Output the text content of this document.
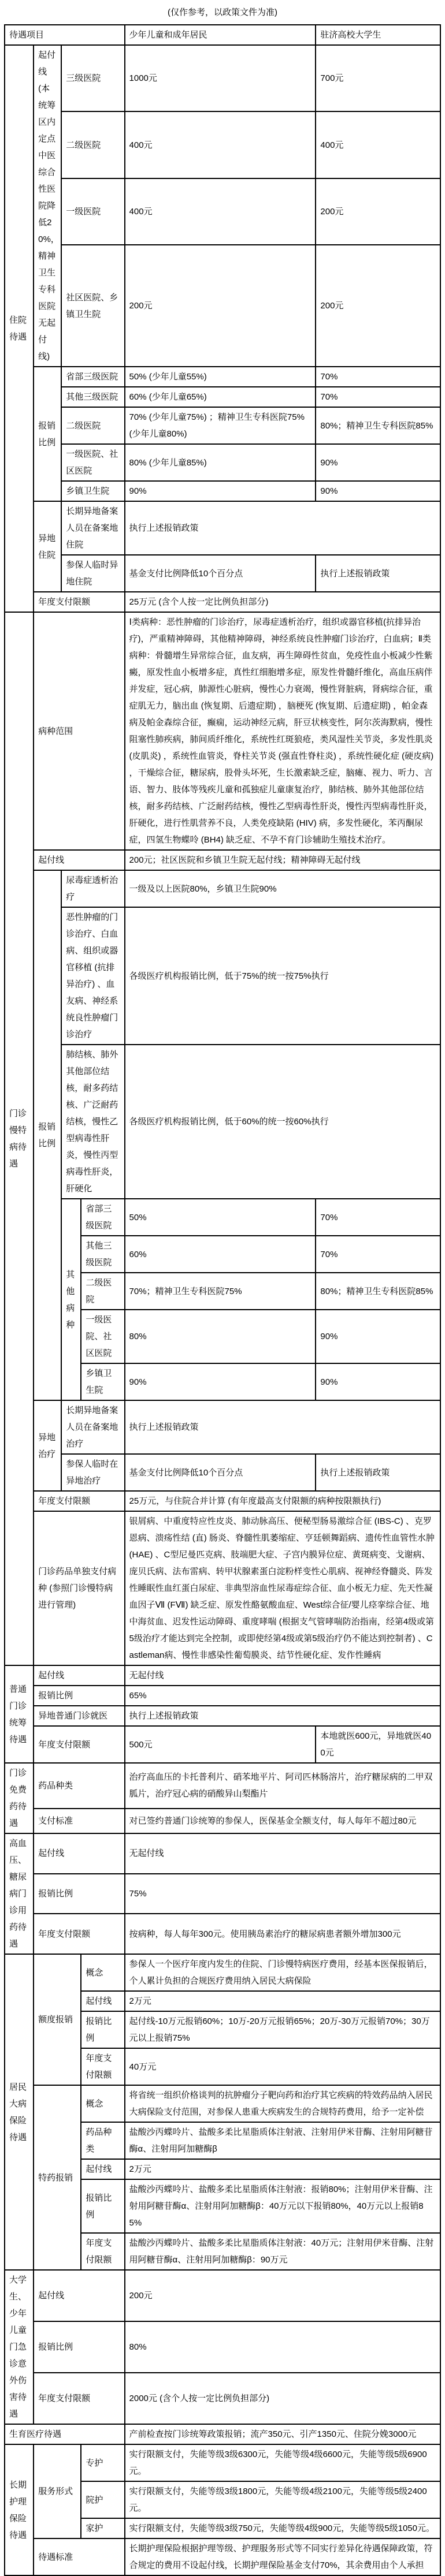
(仅作参考，以政策文件为准)
待遇项目				少年儿童和成年居民	驻济高校大学生
住院待遇	起付线 (本统筹区内定点中医综合性医院降低20%，精神卫生专科医院无起付线)	三级医院		1000元	700元
		二级医院		400元	400元
		一级医院		400元	200元
		社区医院、乡镇卫生院		200元	200元
	报销比例	省部三级医院		50% (少年儿童55%)	70%
		其他三级医院		60% (少年儿童65%)	70%
		二级医院		70% (少年儿童75%) ；精神卫生专科医院75% (少年儿童80%)	80%；精神卫生专科医院85%
		一级医院、社区医院		80% (少年儿童85%)	90%
		乡镇卫生院		90%	90%
	异地住院	长期异地备案人员在备案地住院		执行上述报销政策	
		参保人临时异地住院		基金支付比例降低10个百分点	执行上述报销政策
	年度支付限额			25万元 (含个人按一定比例负担部分)	
门诊慢特病待遇	病种范围			Ⅰ类病种：恶性肿瘤的门诊治疗，尿毒症透析治疗，组织或器官移植(抗排异治疗)，严重精神障碍，其他精神障碍，神经系统良性肿瘤门诊治疗，白血病；Ⅱ类病种：骨髓增生异常综合征，血友病，再生障碍性贫血，免疫性血小板减少性紫癜，原发性血小板增多症，真性红细胞增多症，原发性骨髓纤维化，高血压病伴并发症，冠心病，肺源性心脏病，慢性心力衰竭，慢性肾脏病，肾病综合征，重症肌无力，脑出血 (恢复期、后遗症期) ，脑梗死 (恢复期、后遗症期) ，帕金森病及帕金森综合征，癫痫，运动神经元病，肝豆状核变性，阿尔茨海默病，慢性阻塞性肺疾病，肺间质纤维化，系统性红斑狼疮，类风湿性关节炎，多发性肌炎 (皮肌炎) ，系统性血管炎，脊柱关节炎 (强直性脊柱炎) ，系统性硬化症 (硬皮病) ，干燥综合征，糖尿病，股骨头坏死，生长激素缺乏症，脑瘫、视力、听力、言语、智力、肢体等残疾儿童和孤独症儿童康复治疗，肺结核、肺外其他部位结核，耐多药结核、广泛耐药结核，慢性乙型病毒性肝炎，慢性丙型病毒性肝炎，肝硬化，进行性肌营养不良，人类免疫缺陷 (HIV) 病，多发性硬化，苯丙酮尿症，四氢生物蝶呤 (BH4) 缺乏症、不孕不育门诊辅助生殖技术治疗。	
	起付线			200元；社区医院和乡镇卫生院无起付线；精神障碍无起付线	
	报销比例	尿毒症透析治疗		一级及以上医院80%，乡镇卫生院90%	
		恶性肿瘤的门诊治疗、白血病、组织或器官移植 (抗排异治疗) 、血友病、神经系统良性肿瘤门诊治疗		各级医疗机构报销比例，低于75%的统一按75%执行	
		肺结核、肺外其他部位结核，耐多药结核、广泛耐药结核，慢性乙型病毒性肝炎，慢性丙型病毒性肝炎，肝硬化		各级医疗机构报销比例，低于60%的统一按60%执行	
		其他病种	省部三级医院	50%	70%
			其他三级医院	60%	70%
			二级医院	70%；精神卫生专科医院75%	80%；精神卫生专科医院85%
			一级医院、社区医院	80%	90%
			乡镇卫生院	90%	90%
	异地治疗	长期异地备案人员在备案地治疗		执行上述报销政策	
		参保人临时在异地治疗		基金支付比例降低10个百分点	执行上述报销政策
	年度支付限额			25万元，与住院合并计算 (有年度最高支付限额的病种按限额执行)	
	门诊药品单独支付病种 (参照门诊慢特病进行管理)			银屑病、中重度特应性皮炎、肺动脉高压、便秘型肠易激综合征 (IBS-C) 、克罗恩病、溃疡性结 (直) 肠炎、脊髓性肌萎缩症、亨廷顿舞蹈病、遗传性血管性水肿 (HAE) 、C型尼曼匹克病、肢端肥大症、子宫内膜异位症、黄斑病变、戈谢病、庞贝氏病、法布雷病、转甲状腺素蛋白淀粉样变性心肌病、视神经脊髓炎、阵发性睡眠性血红蛋白尿症、非典型溶血性尿毒症综合征、血小板无力症、先天性凝血因子Ⅶ (FⅦ) 缺乏症、原发性酪氨酸血症、West综合征/婴儿痉挛综合征、地中海贫血、迟发性运动障碍、重度哮喘 (根据支气管哮喘防治指南，经第4级或第5级治疗才能达到完全控制，或即使经第4级或第5级治疗仍不能达到控制者) 、Castleman病、慢性非感染性葡萄膜炎、结节性硬化症、发作性睡病	
普通门诊统筹待遇	起付线			无起付线	
	报销比例			65%	
	异地普通门诊就医			执行上述报销政策	
	年度支付限额			500元	本地就医600元，异地就医400元
门诊免费药待遇	药品种类			治疗高血压的卡托普利片、硝苯地平片、阿司匹林肠溶片，治疗糖尿病的二甲双胍片，治疗冠心病的硝酸异山梨酯片	
	支付标准			对已签约普通门诊统筹的参保人，医保基金全额支付，每人每年不超过80元	
高血压、糖尿病门诊用药待遇	起付线			无起付线	
	报销比例			75%	
	年度支付限额			按病种，每人每年300元。使用胰岛素治疗的糖尿病患者额外增加300元	
居民大病保险待遇	额度报销		概念	参保人一个医疗年度内发生的住院、门诊慢特病医疗费用，经基本医保报销后，个人累计负担的合规医疗费用纳入居民大病保险	
			起付线	2万元	
			报销比例	起付线-10万元报销60%；10万-20万元报销65%；20万-30万元报销70%；30万元以上报销75%	
			年度支付限额	40万元	
	特药报销		概念	将省统一组织价格谈判的抗肿瘤分子靶向药和治疗其它疾病的特效药品纳入居民大病保险支付范围，对参保人患重大疾病发生的合规特药费用，给予一定补偿	
			药品种类	盐酸沙丙蝶呤片、盐酸多柔比星脂质体注射液、注射用伊米苷酶、注射用阿糖苷酶α、注射用阿加糖酶β	
			起付线	2万元	
			报销比例	盐酸沙丙蝶呤片、盐酸多柔比星脂质体注射液：报销80%；注射用伊米苷酶、注射用阿糖苷酶α、注射用阿加糖酶β：40万元以下报销80%，40万元以上报销85%	
			年度支付限额	盐酸沙丙蝶呤片、盐酸多柔比星脂质体注射液：40万元；注射用伊米苷酶、注射用阿糖苷酶α、注射用阿加糖酶β：90万元	
大学生、少年儿童门急诊意外伤害待遇	起付线			200元	
	报销比例			80%	
	年度支付限额			2000元 (含个人按一定比例负担部分)	
生育医疗待遇				产前检查按门诊统筹政策报销；流产350元、引产1350元、住院分娩3000元	
长期护理保险待遇	服务形式		专护	实行限额支付，失能等级3级6300元，失能等级4级6600元，失能等级5级6900元。	
			院护	实行限额支付，失能等级3级1800元，失能等级4级2100元，失能等级5级2400元。	
			家护	实行限额支付，失能等级3级750元，失能等级4级900元，失能等级5级1050元。	
	待遇标准			长期护理保险根据护理等级、护理服务形式等不同实行差异化待遇保障政策，符合规定的费用不设起付线，长期护理保险基金支付70%，其余费用由个人承担	
